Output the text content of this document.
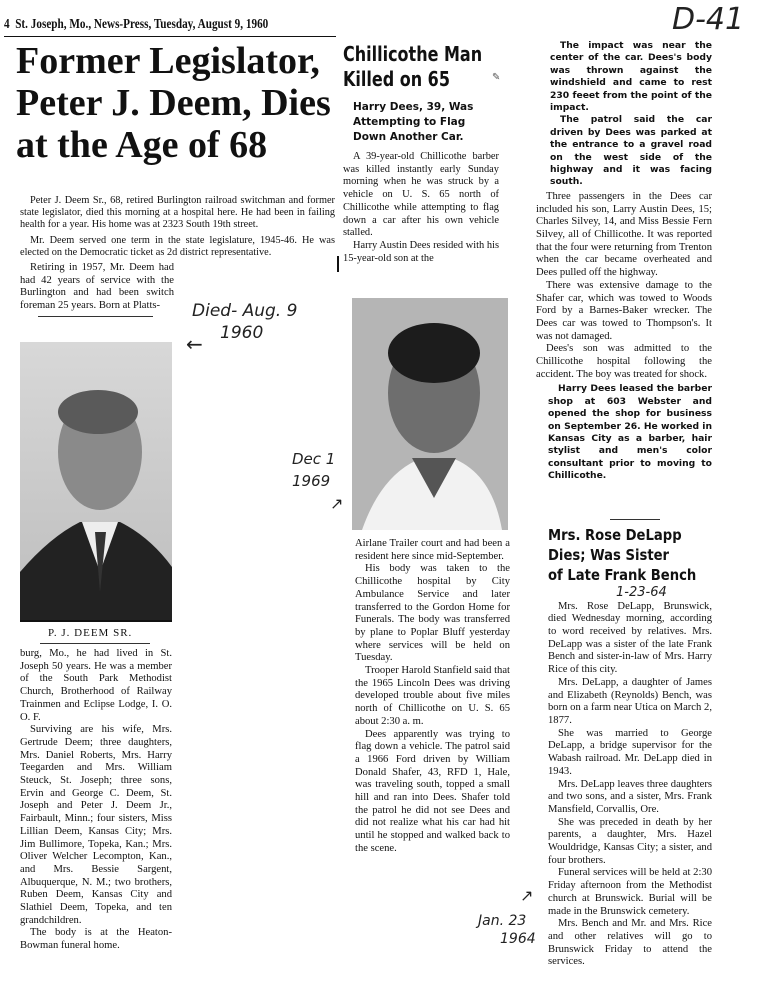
D-41
4  St. Joseph, Mo., News-Press, Tuesday, August 9, 1960
Former Legislator,
Peter J. Deem, Dies
at the Age of 68

Peter J. Deem Sr., 68, retired Burlington railroad switchman and former state legislator, died this morning at a hospital here. He had been in failing health for a year. His home was at 2323 South 19th street.

Mr. Deem served one term in the state legislature, 1945-46. He was elected on the Democratic ticket as 2d district representative.

Retiring in 1957, Mr. Deem had had 42 years of service with the Burlington and had been switch foreman 25 years. Born at Platts-	Died- Aug. 9
1960
←
P. J. DEEM SR.

burg, Mo., he had lived in St. Joseph 50 years. He was a member of the South Park Methodist Church, Brotherhood of Railway Trainmen and Eclipse Lodge, I. O. O. F.

Surviving are his wife, Mrs. Gertrude Deem; three daughters, Mrs. Daniel Roberts, Mrs. Harry Teegarden and Mrs. William Steuck, St. Joseph; three sons, Ervin and George C. Deem, St. Joseph and Peter J. Deem Jr., Fairbault, Minn.; four sisters, Miss Lillian Deem, Kansas City; Mrs. Jim Bullimore, Topeka, Kan.; Mrs. Oliver Welcher Lecompton, Kan., and Mrs. Bessie Sargent, Albuquerque, N. M.; two brothers, Ruben Deem, Kansas City and Slathiel Deem, Topeka, and ten grandchildren.

The body is at the Heaton-Bowman funeral home.

Chillicothe Man
Killed on 65	✎
Harry Dees, 39, Was Attempting to Flag Down Another Car.

A 39-year-old Chillicothe barber was killed instantly early Sunday morning when he was struck by a vehicle on U. S. 65 north of Chillicothe while attempting to flag down a car after his own vehicle stalled.

Harry Austin Dees resided with his 15-year-old son at the

Dec 1
1969
↗

Airlane Trailer court and had been a resident here since mid-September.

His body was taken to the Chillicothe hospital by City Ambulance Service and later transferred to the Gordon Home for Funerals. The body was transferred by plane to Poplar Bluff yesterday where services will be held on Tuesday.

Trooper Harold Stanfield said that the 1965 Lincoln Dees was driving developed trouble about five miles north of Chillicothe on U. S. 65 about 2:30 a. m.

Dees apparently was trying to flag down a vehicle. The patrol said a 1966 Ford driven by William Donald Shafer, 43, RFD 1, Hale, was traveling south, topped a small hill and ran into Dees. Shafer told the patrol he did not see Dees and did not realize what his car had hit until he stopped and walked back to the scene.

The impact was near the center of the car. Dees's body was thrown against the windshield and came to rest 230 feeet from the point of the impact.

The patrol said the car driven by Dees was parked at the entrance to a gravel road on the west side of the highway and it was facing south.

Three passengers in the Dees car included his son, Larry Austin Dees, 15; Charles Silvey, 14, and Miss Bessie Fern Silvey, all of Chillicothe. It was reported that the four were returning from Trenton when the car became overheated and Dees pulled off the highway.

There was extensive damage to the Shafer car, which was towed to Woods Ford by a Barnes-Baker wrecker. The Dees car was towed to Thompson's. It was not damaged.

Dees's son was admitted to the Chillicothe hospital following the accident. The boy was treated for shock.

Harry Dees leased the barber shop at 603 Webster and opened the shop for business on September 26. He worked in Kansas City as a barber, hair stylist and men's color consultant prior to moving to Chillicothe.

Mrs. Rose DeLapp
Dies; Was Sister
of Late Frank Bench
1-23-64

Mrs. Rose DeLapp, Brunswick, died Wednesday morning, according to word received by relatives. Mrs. DeLapp was a sister of the late Frank Bench and sister-in-law of Mrs. Harry Rice of this city.

Mrs. DeLapp, a daughter of James and Elizabeth (Reynolds) Bench, was born on a farm near Utica on March 2, 1877.

She was married to George DeLapp, a bridge supervisor for the Wabash railroad. Mr. DeLapp died in 1943.

Mrs. DeLapp leaves three daughters and two sons, and a sister, Mrs. Frank Mansfield, Corvallis, Ore.

She was preceded in death by her parents, a daughter, Mrs. Hazel Wouldridge, Kansas City; a sister, and four brothers.

Funeral services will be held at 2:30 Friday afternoon from the Methodist church at Brunswick. Burial will be made in the Brunswick cemetery.

Mrs. Bench and Mr. and Mrs. Rice and other relatives will go to Brunswick Friday to attend the services.

Jan. 23
1964
↗
